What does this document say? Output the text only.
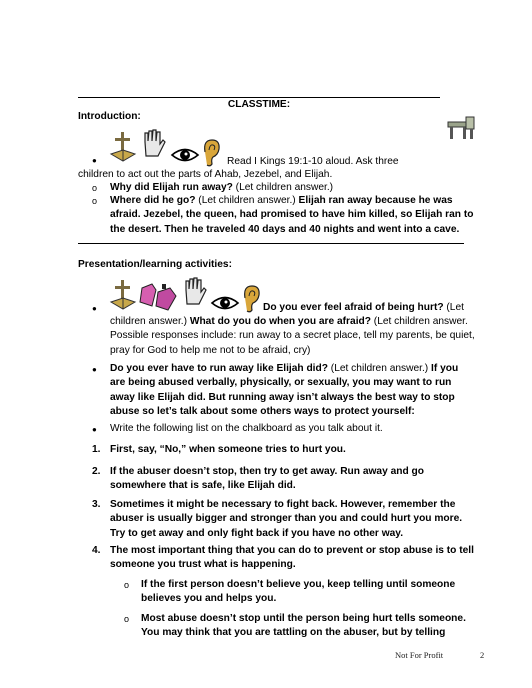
CLASSTIME:
Introduction:
●	Read I Kings 19:1-10 aloud. Ask three
children to act out the parts of Ahab, Jezebel, and Elijah.
o Why did Elijah run away? (Let children answer.)
o Where did he go? (Let children answer.) Elijah ran away because he was
afraid. Jezebel, the queen, had promised to have him killed, so Elijah ran to
the desert. Then he traveled 40 days and 40 nights and went into a cave.
Presentation/learning activities:
●	Do you ever feel afraid of being hurt? (Let
children answer.) What do you do when you are afraid? (Let children answer.
Possible responses include: run away to a secret place, tell my parents, be quiet,
pray for God to help me not to be afraid, cry)
● Do you ever have to run away like Elijah did? (Let children answer.) If you
are being abused verbally, physically, or sexually, you may want to run
away like Elijah did. But running away isn’t always the best way to stop
abuse so let’s talk about some others ways to protect yourself:
● Write the following list on the chalkboard as you talk about it.
1. First, say, “No,” when someone tries to hurt you.
2. If the abuser doesn’t stop, then try to get away. Run away and go
somewhere that is safe, like Elijah did.
3. Sometimes it might be necessary to fight back. However, remember the
abuser is usually bigger and stronger than you and could hurt you more.
Try to get away and only fight back if you have no other way.
4. The most important thing that you can do to prevent or stop abuse is to tell
someone you trust what is happening.
o If the first person doesn’t believe you, keep telling until someone
believes you and helps you.
o Most abuse doesn’t stop until the person being hurt tells someone.
You may think that you are tattling on the abuser, but by telling
Not For Profit	2
